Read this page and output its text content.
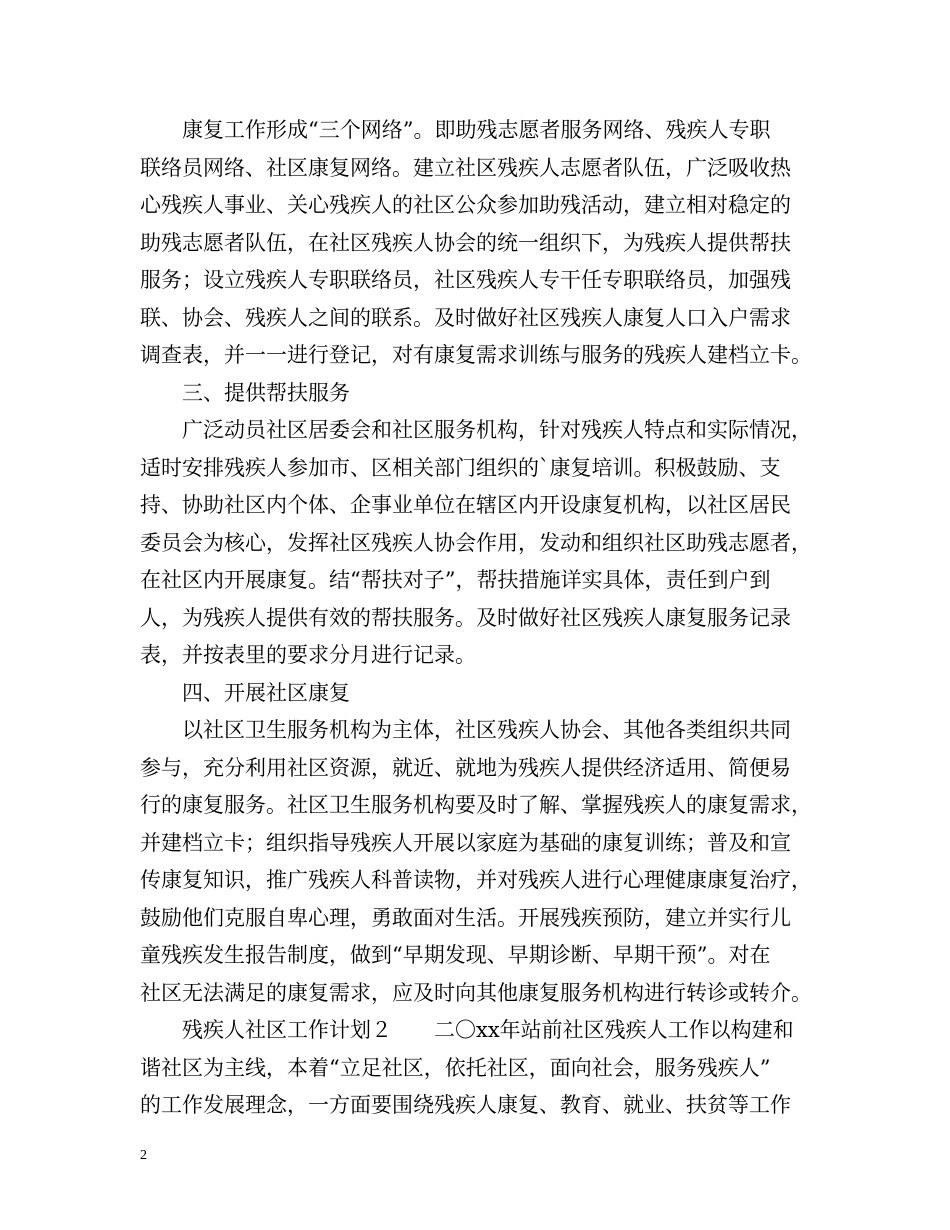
康复工作形成“三个网络”。即助残志愿者服务网络、残疾人专职
联络员网络、社区康复网络。建立社区残疾人志愿者队伍，广泛吸收热
心残疾人事业、关心残疾人的社区公众参加助残活动，建立相对稳定的
助残志愿者队伍，在社区残疾人协会的统一组织下，为残疾人提供帮扶
服务；设立残疾人专职联络员，社区残疾人专干任专职联络员，加强残
联、协会、残疾人之间的联系。及时做好社区残疾人康复人口入户需求
调查表，并一一进行登记，对有康复需求训练与服务的残疾人建档立卡。
三、提供帮扶服务
广泛动员社区居委会和社区服务机构，针对残疾人特点和实际情况，
适时安排残疾人参加市、区相关部门组织的`康复培训。积极鼓励、支
持、协助社区内个体、企事业单位在辖区内开设康复机构，以社区居民
委员会为核心，发挥社区残疾人协会作用，发动和组织社区助残志愿者，
在社区内开展康复。结“帮扶对子”，帮扶措施详实具体，责任到户到
人，为残疾人提供有效的帮扶服务。及时做好社区残疾人康复服务记录
表，并按表里的要求分月进行记录。
四、开展社区康复
以社区卫生服务机构为主体，社区残疾人协会、其他各类组织共同
参与，充分利用社区资源，就近、就地为残疾人提供经济适用、简便易
行的康复服务。社区卫生服务机构要及时了解、掌握残疾人的康复需求，
并建档立卡；组织指导残疾人开展以家庭为基础的康复训练；普及和宣
传康复知识，推广残疾人科普读物，并对残疾人进行心理健康康复治疗，
鼓励他们克服自卑心理，勇敢面对生活。开展残疾预防，建立并实行儿
童残疾发生报告制度，做到“早期发现、早期诊断、早期干预”。对在
社区无法满足的康复需求，应及时向其他康复服务机构进行转诊或转介。
残疾人社区工作计划２　　二〇xx年站前社区残疾人工作以构建和
谐社区为主线，本着“立足社区，依托社区，面向社会，服务残疾人”
的工作发展理念，一方面要围绕残疾人康复、教育、就业、扶贫等工作
2
